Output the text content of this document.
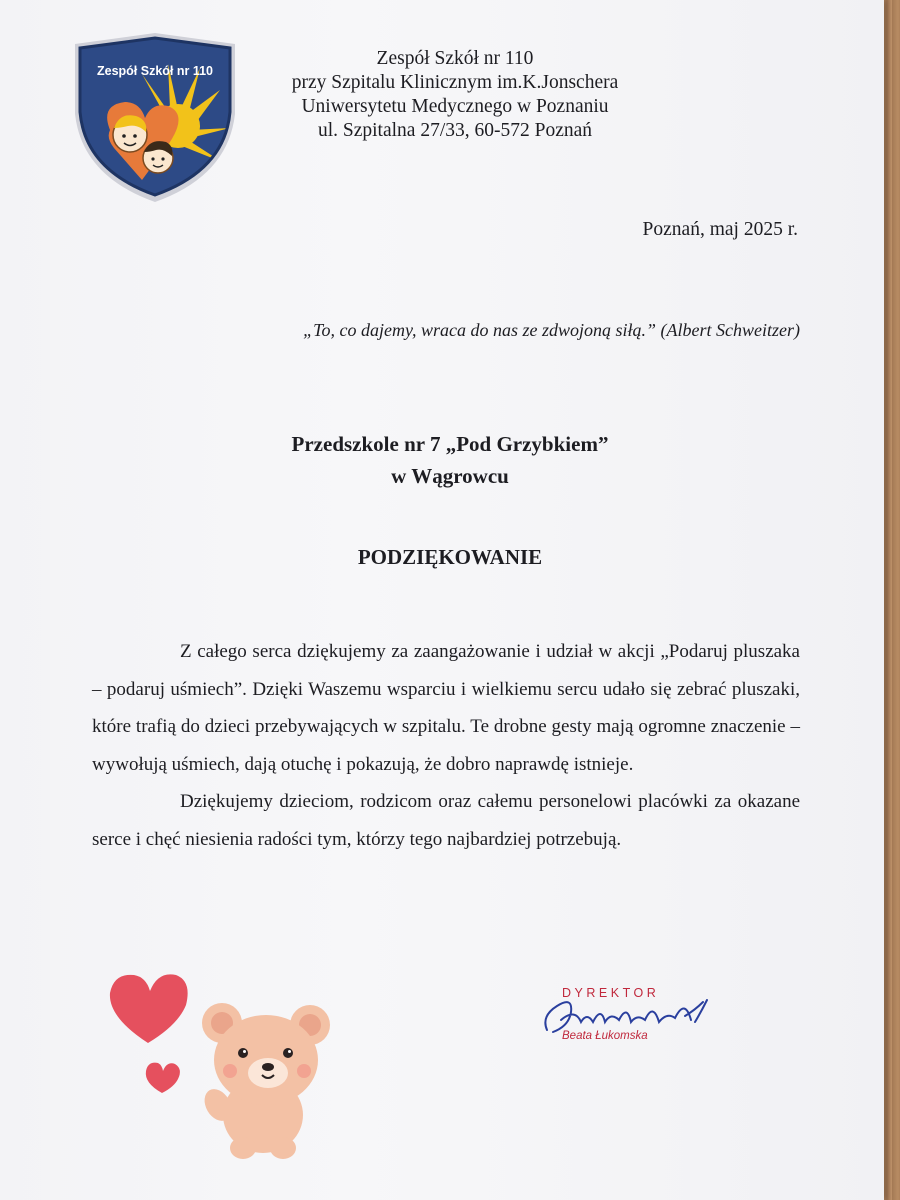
Zespół Szkół nr 110
Zespół Szkół nr 110
przy Szpitalu Klinicznym im.K.Jonschera
Uniwersytetu Medycznego w Poznaniu
ul. Szpitalna 27/33, 60-572 Poznań
Poznań, maj 2025 r.
„To, co dajemy, wraca do nas ze zdwojoną siłą.” (Albert Schweitzer)
Przedszkole nr 7 „Pod Grzybkiem”
w Wągrowcu
PODZIĘKOWANIE

Z całego serca dziękujemy za zaangażowanie i udział w akcji „Podaruj pluszaka – podaruj uśmiech”. Dzięki Waszemu wsparciu i wielkiemu sercu udało się zebrać pluszaki, które trafią do dzieci przebywających w szpitalu. Te drobne gesty mają ogromne znaczenie – wywołują uśmiech, dają otuchę i pokazują, że dobro naprawdę istnieje.

Dziękujemy dzieciom, rodzicom oraz całemu personelowi placówki za okazane serce i chęć niesienia radości tym, którzy tego najbardziej potrzebują.

DYREKTOR
Beata Łukomska
